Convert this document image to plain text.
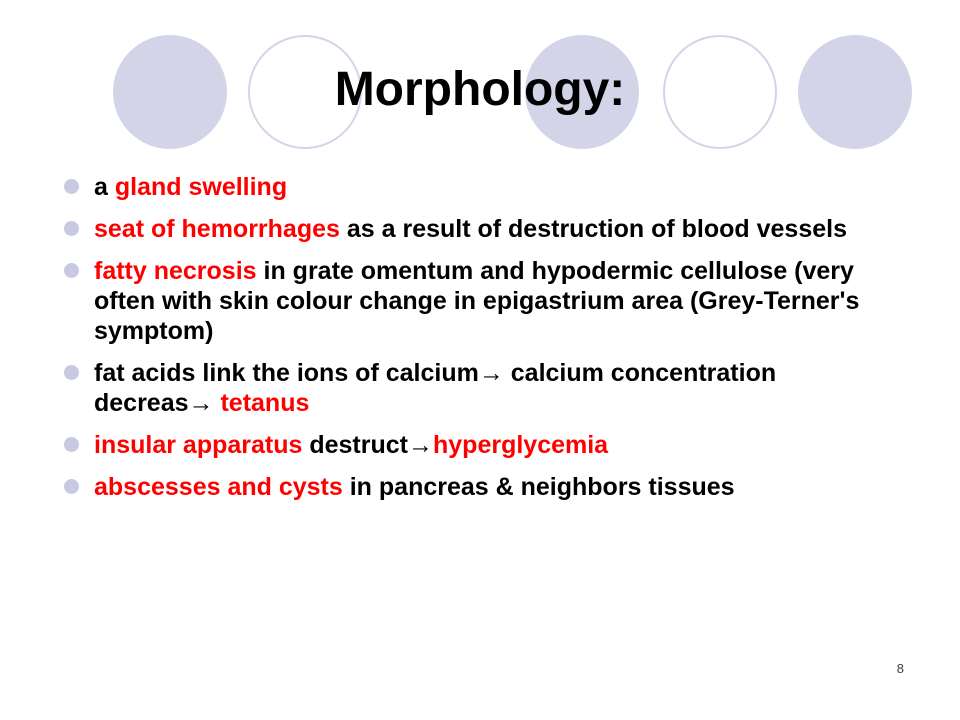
Morphology:
a gland swelling
seat of hemorrhages as a result of destruction of blood vessels
fatty necrosis in grate omentum and hypodermic cellulose (very often with skin colour change in epigastrium area (Grey-Terner's symptom)
fat acids link the ions of calcium→ calcium concentration decreas→ tetanus
insular apparatus destruct→hyperglycemia
abscesses and cysts in pancreas & neighbors tissues
8
